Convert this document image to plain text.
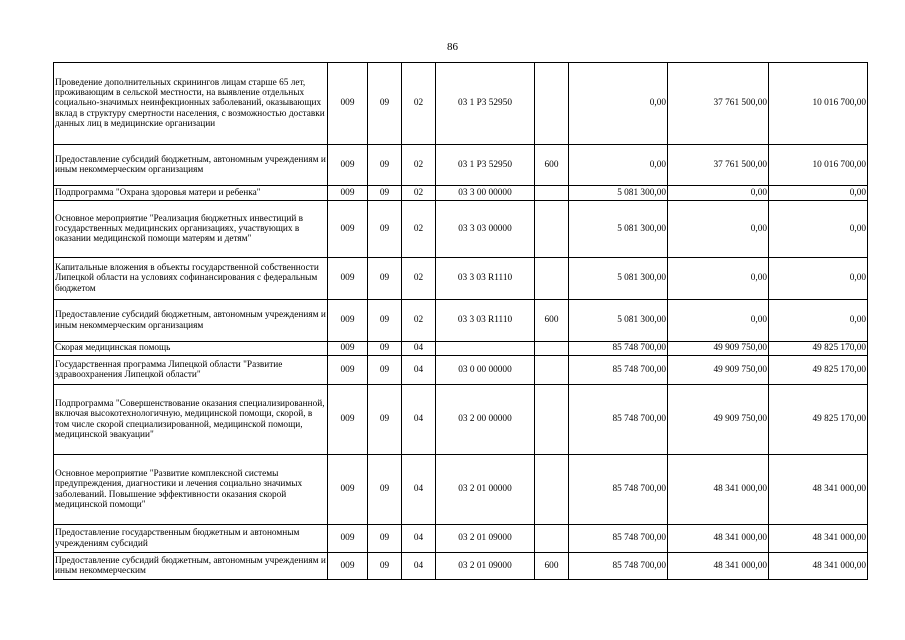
86
Проведение дополнительных скринингов лицам старше 65 лет, проживающим в сельской местности, на выявление отдельных социально-значимых неинфекционных заболеваний, оказывающих вклад в структуру смертности населения, с возможностью доставки данных лиц в медицинские организации	009	09	02	03 1 P3 52950		0,00	37 761 500,00	10 016 700,00
Предоставление субсидий бюджетным, автономным учреждениям и иным некоммерческим организациям	009	09	02	03 1 P3 52950	600	0,00	37 761 500,00	10 016 700,00
Подпрограмма "Охрана здоровья матери и ребенка"	009	09	02	03 3 00 00000		5 081 300,00	0,00	0,00
Основное мероприятие "Реализация бюджетных инвестиций в государственных медицинских организациях, участвующих в оказании медицинской помощи матерям и детям"	009	09	02	03 3 03 00000		5 081 300,00	0,00	0,00
Капитальные вложения в объекты государственной собственности Липецкой области на условиях софинансирования с федеральным бюджетом	009	09	02	03 3 03 R1110		5 081 300,00	0,00	0,00
Предоставление субсидий бюджетным, автономным учреждениям и иным некоммерческим организациям	009	09	02	03 3 03 R1110	600	5 081 300,00	0,00	0,00
Скорая медицинская помощь	009	09	04			85 748 700,00	49 909 750,00	49 825 170,00
Государственная программа Липецкой области "Развитие здравоохранения Липецкой области"	009	09	04	03 0 00 00000		85 748 700,00	49 909 750,00	49 825 170,00
Подпрограмма "Совершенствование оказания специализированной, включая высокотехнологичную, медицинской помощи, скорой, в том числе скорой специализированной, медицинской помощи, медицинской эвакуации"	009	09	04	03 2 00 00000		85 748 700,00	49 909 750,00	49 825 170,00
Основное мероприятие "Развитие комплексной системы предупреждения, диагностики и лечения социально значимых заболеваний. Повышение эффективности оказания скорой медицинской помощи"	009	09	04	03 2 01 00000		85 748 700,00	48 341 000,00	48 341 000,00
Предоставление государственным бюджетным и автономным учреждениям субсидий	009	09	04	03 2 01 09000		85 748 700,00	48 341 000,00	48 341 000,00
Предоставление субсидий бюджетным, автономным учреждениям и иным некоммерческим	009	09	04	03 2 01 09000	600	85 748 700,00	48 341 000,00	48 341 000,00
